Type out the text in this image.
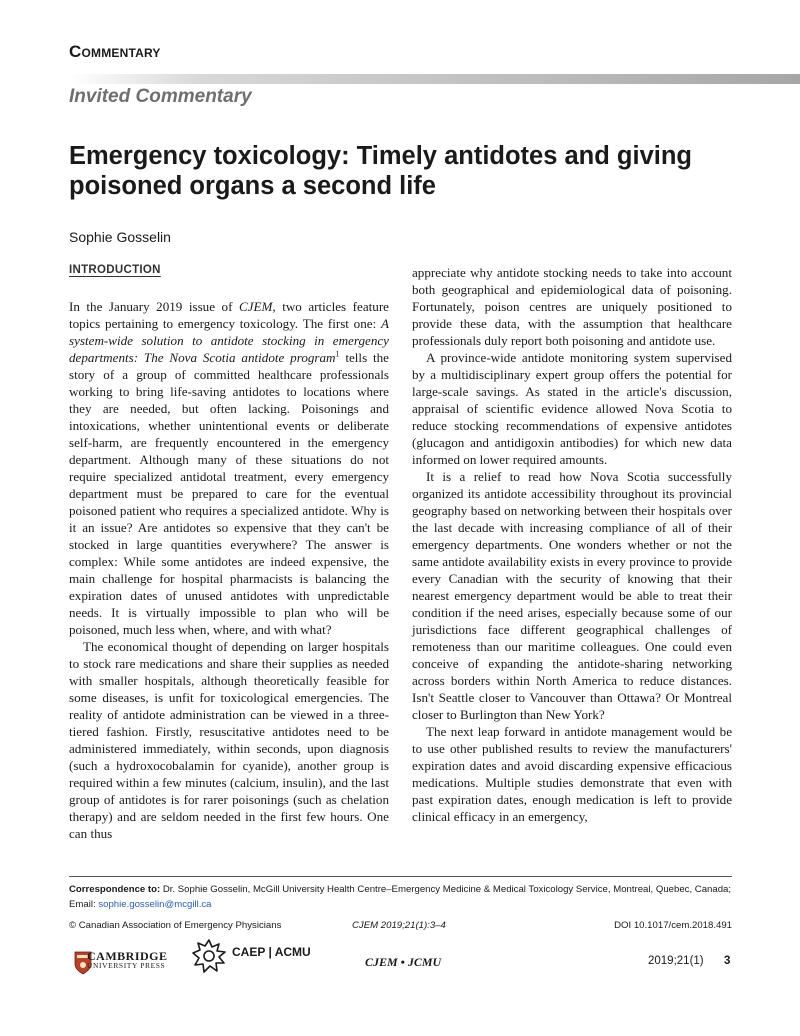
Commentary
Invited Commentary
Emergency toxicology: Timely antidotes and giving poisoned organs a second life
Sophie Gosselin
INTRODUCTION

In the January 2019 issue of CJEM, two articles feature topics pertaining to emergency toxicology. The first one: A system-wide solution to antidote stocking in emergency departments: The Nova Scotia antidote program$^1$ tells the story of a group of committed healthcare professionals working to bring life-saving antidotes to locations where they are needed, but often lacking. Poisonings and intoxications, whether unintentional events or deliberate self-harm, are frequently encountered in the emergency department. Although many of these situations do not require specialized antidotal treatment, every emergency department must be prepared to care for the eventual poisoned patient who requires a specialized antidote. Why is it an issue? Are antidotes so expensive that they can't be stocked in large quantities everywhere? The answer is complex: While some antidotes are indeed expensive, the main challenge for hospital pharmacists is balancing the expiration dates of unused antidotes with unpredictable needs. It is virtually impossible to plan who will be poisoned, much less when, where, and with what?

The economical thought of depending on larger hospitals to stock rare medications and share their supplies as needed with smaller hospitals, although theoretically feasible for some diseases, is unfit for toxicological emergencies. The reality of antidote administration can be viewed in a three-tiered fashion. Firstly, resuscitative antidotes need to be administered immediately, within seconds, upon diagnosis (such a hydroxocobalamin for cyanide), another group is required within a few minutes (calcium, insulin), and the last group of antidotes is for rarer poisonings (such as chelation therapy) and are seldom needed in the first few hours. One can thus

appreciate why antidote stocking needs to take into account both geographical and epidemiological data of poisoning. Fortunately, poison centres are uniquely positioned to provide these data, with the assumption that healthcare professionals duly report both poisoning and antidote use.

A province-wide antidote monitoring system supervised by a multidisciplinary expert group offers the potential for large-scale savings. As stated in the article's discussion, appraisal of scientific evidence allowed Nova Scotia to reduce stocking recommendations of expensive antidotes (glucagon and antidigoxin antibodies) for which new data informed on lower required amounts.

It is a relief to read how Nova Scotia successfully organized its antidote accessibility throughout its provincial geography based on networking between their hospitals over the last decade with increasing compliance of all of their emergency departments. One wonders whether or not the same antidote availability exists in every province to provide every Canadian with the security of knowing that their nearest emergency department would be able to treat their condition if the need arises, especially because some of our jurisdictions face different geographical challenges of remoteness than our maritime colleagues. One could even conceive of expanding the antidote-sharing networking across borders within North America to reduce distances. Isn't Seattle closer to Vancouver than Ottawa? Or Montreal closer to Burlington than New York?

The next leap forward in antidote management would be to use other published results to review the manufacturers' expiration dates and avoid discarding expensive efficacious medications. Multiple studies demonstrate that even with past expiration dates, enough medication is left to provide clinical efficacy in an emergency,

Correspondence to: Dr. Sophie Gosselin, McGill University Health Centre–Emergency Medicine & Medical Toxicology Service, Montreal, Quebec, Canada; Email: sophie.gosselin@mcgill.ca
© Canadian Association of Emergency Physicians	CJEM 2019;21(1):3–4	DOI 10.1017/cem.2018.491
CAMBRIDGE
UNIVERSITY PRESS
CAEP | ACMU
CJEM • JCMU	2019;21(1) 3
